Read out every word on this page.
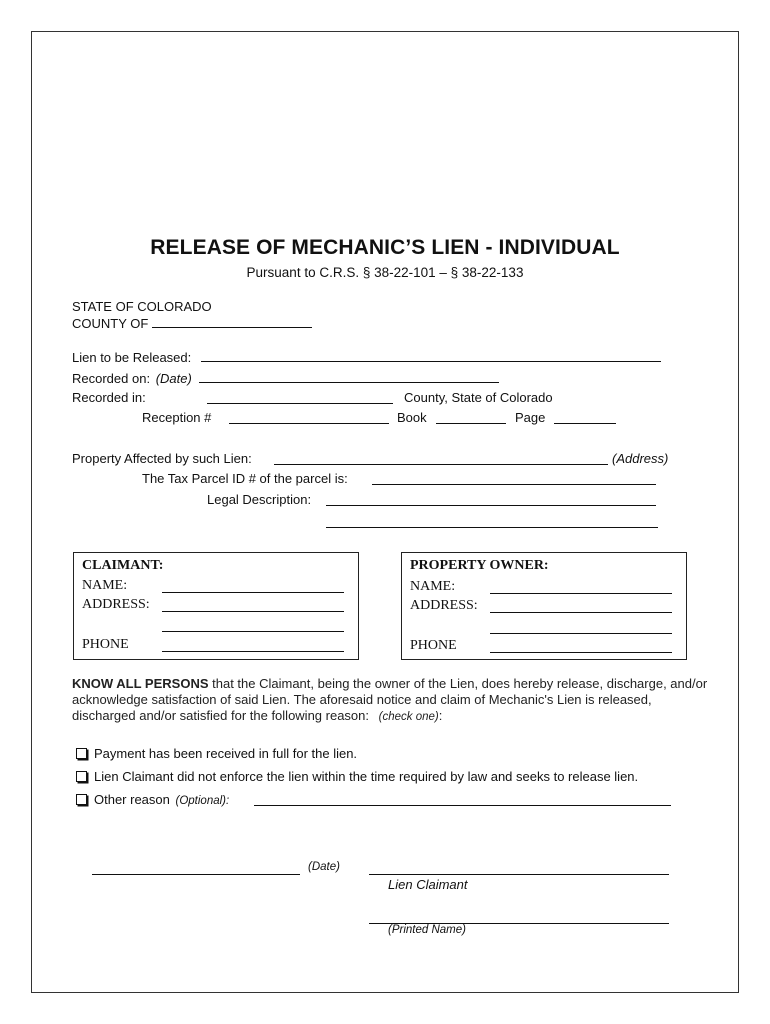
RELEASE OF MECHANIC’S LIEN - INDIVIDUAL
Pursuant to C.R.S. § 38-22-101 – § 38-22-133
STATE OF COLORADO
COUNTY OF
Lien to be Released:
Recorded on: (Date)
Recorded in:	County, State of Colorado
Reception #	Book	Page
Property Affected by such Lien:	(Address)
The Tax Parcel ID # of the parcel is:
Legal Description:
CLAIMANT:
NAME:
ADDRESS:
PHONE
PROPERTY OWNER:
NAME:
ADDRESS:
PHONE
KNOW ALL PERSONS that the Claimant, being the owner of the Lien, does hereby release, discharge, and/or acknowledge satisfaction of said Lien. The aforesaid notice and claim of Mechanic's Lien is released, discharged and/or satisfied for the following reason: (check one):
Payment has been received in full for the lien.
Lien Claimant did not enforce the lien within the time required by law and seeks to release lien.
Other reason (Optional):
(Date)
Lien Claimant
(Printed Name)
